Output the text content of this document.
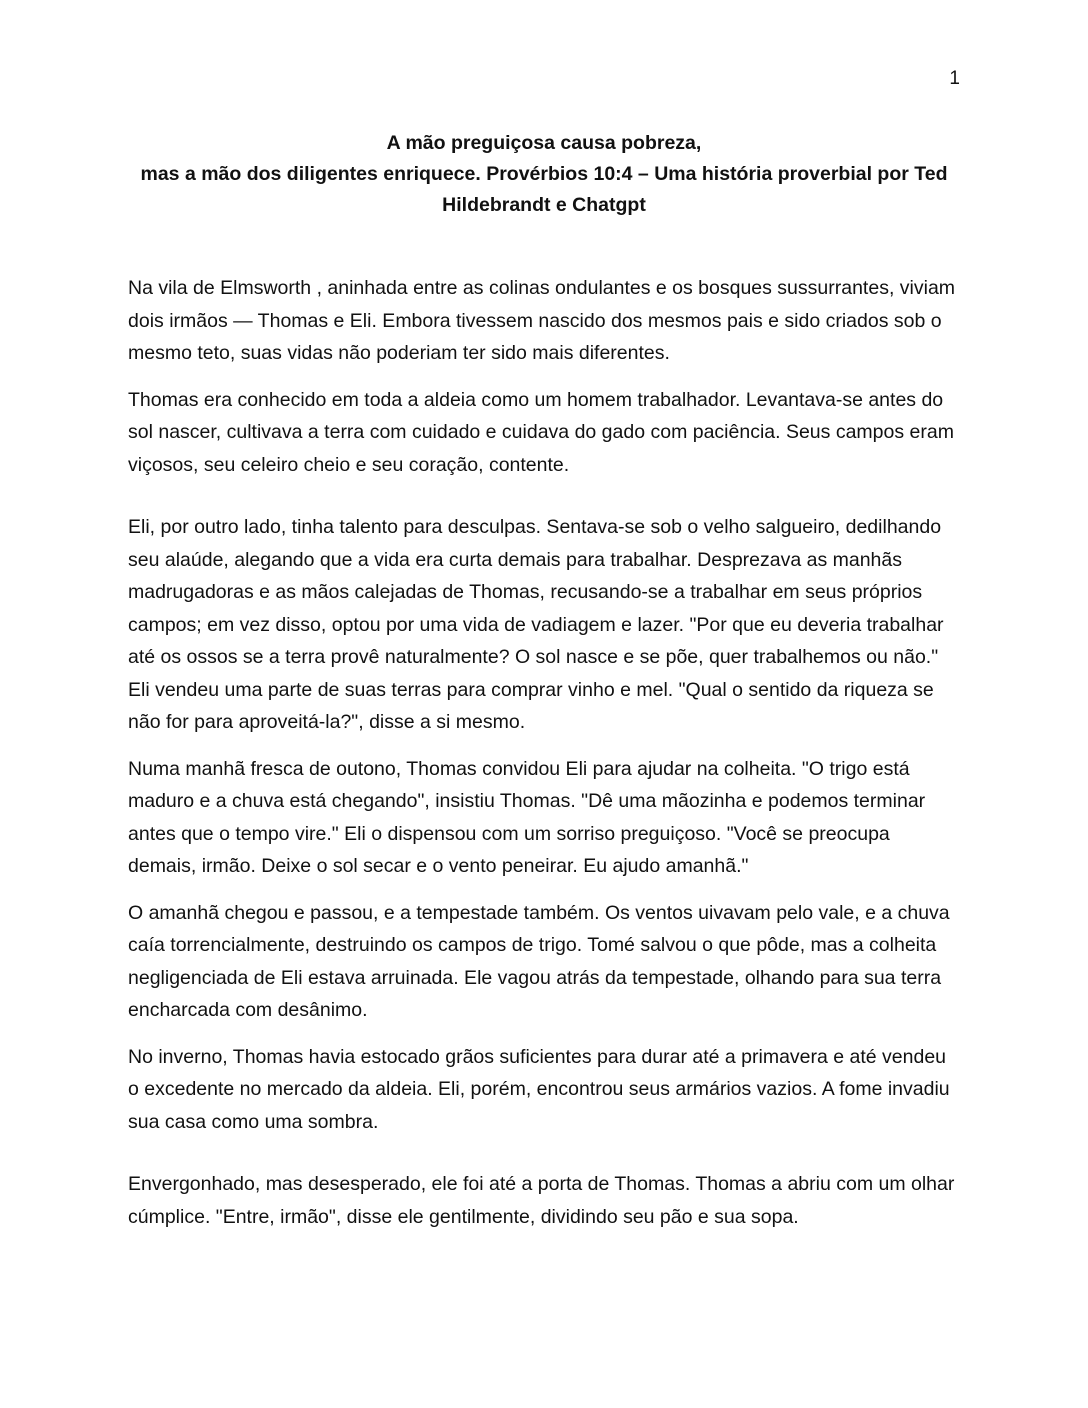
1
A mão preguiçosa causa pobreza,
mas a mão dos diligentes enriquece. Provérbios 10:4 – Uma história proverbial por Ted
Hildebrandt e Chatgpt

Na vila de Elmsworth , aninhada entre as colinas ondulantes e os bosques sussurrantes, viviam dois irmãos — Thomas e Eli. Embora tivessem nascido dos mesmos pais e sido criados sob o mesmo teto, suas vidas não poderiam ter sido mais diferentes.

Thomas era conhecido em toda a aldeia como um homem trabalhador. Levantava-se antes do sol nascer, cultivava a terra com cuidado e cuidava do gado com paciência. Seus campos eram viçosos, seu celeiro cheio e seu coração, contente.

Eli, por outro lado, tinha talento para desculpas. Sentava-se sob o velho salgueiro, dedilhando seu alaúde, alegando que a vida era curta demais para trabalhar. Desprezava as manhãs madrugadoras e as mãos calejadas de Thomas, recusando-se a trabalhar em seus próprios campos; em vez disso, optou por uma vida de vadiagem e lazer. "Por que eu deveria trabalhar até os ossos se a terra provê naturalmente? O sol nasce e se põe, quer trabalhemos ou não." Eli vendeu uma parte de suas terras para comprar vinho e mel. "Qual o sentido da riqueza se não for para aproveitá-la?", disse a si mesmo.

Numa manhã fresca de outono, Thomas convidou Eli para ajudar na colheita. "O trigo está maduro e a chuva está chegando", insistiu Thomas. "Dê uma mãozinha e podemos terminar antes que o tempo vire." Eli o dispensou com um sorriso preguiçoso. "Você se preocupa demais, irmão. Deixe o sol secar e o vento peneirar. Eu ajudo amanhã."

O amanhã chegou e passou, e a tempestade também. Os ventos uivavam pelo vale, e a chuva caía torrencialmente, destruindo os campos de trigo. Tomé salvou o que pôde, mas a colheita negligenciada de Eli estava arruinada. Ele vagou atrás da tempestade, olhando para sua terra encharcada com desânimo.

No inverno, Thomas havia estocado grãos suficientes para durar até a primavera e até vendeu o excedente no mercado da aldeia. Eli, porém, encontrou seus armários vazios. A fome invadiu sua casa como uma sombra.

Envergonhado, mas desesperado, ele foi até a porta de Thomas. Thomas a abriu com um olhar cúmplice. "Entre, irmão", disse ele gentilmente, dividindo seu pão e sua sopa.
